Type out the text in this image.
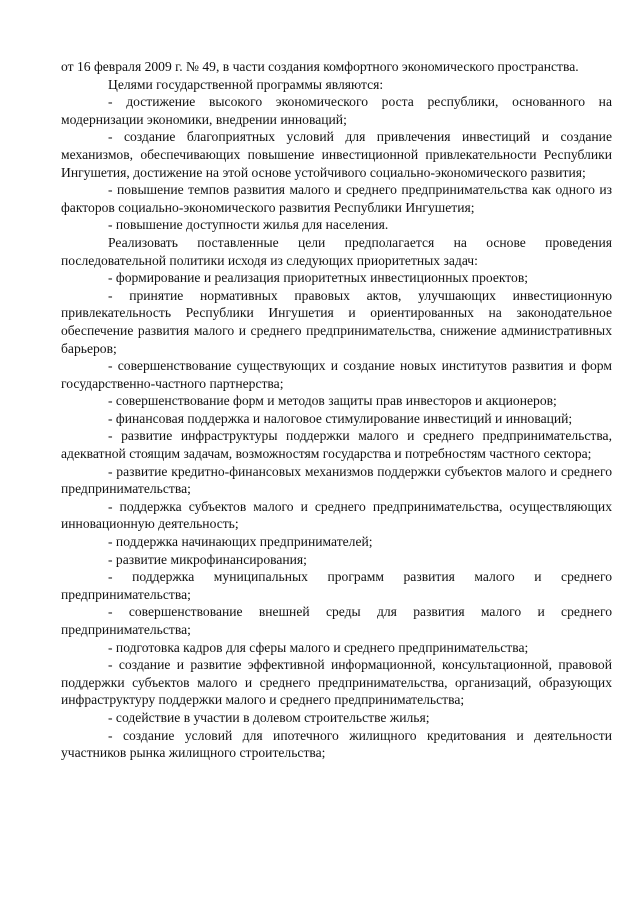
от 16 февраля 2009 г. № 49, в части создания комфортного экономического пространства.

Целями государственной программы являются:

- достижение высокого экономического роста республики, основанного на модернизации экономики, внедрении инноваций;

- создание благоприятных условий для привлечения инвестиций и создание механизмов, обеспечивающих повышение инвестиционной привлекательности Республики Ингушетия, достижение на этой основе устойчивого социально-экономического развития;

- повышение темпов развития малого и среднего предпринимательства как одного из факторов социально-экономического развития Республики Ингушетия;

- повышение доступности жилья для населения.

Реализовать поставленные цели предполагается на основе проведения последовательной политики исходя из следующих приоритетных задач:

- формирование и реализация приоритетных инвестиционных проектов;

- принятие нормативных правовых актов, улучшающих инвестиционную привлекательность Республики Ингушетия и ориентированных на законодательное обеспечение развития малого и среднего предпринимательства, снижение административных барьеров;

- совершенствование существующих и создание новых институтов развития и форм государственно-частного партнерства;

- совершенствование форм и методов защиты прав инвесторов и акционеров;

- финансовая поддержка и налоговое стимулирование инвестиций и инноваций;

- развитие инфраструктуры поддержки малого и среднего предпринимательства, адекватной стоящим задачам, возможностям государства и потребностям частного сектора;

- развитие кредитно-финансовых механизмов поддержки субъектов малого и среднего предпринимательства;

- поддержка субъектов малого и среднего предпринимательства, осуществляющих инновационную деятельность;

- поддержка начинающих предпринимателей;

- развитие микрофинансирования;

- поддержка муниципальных программ развития малого и среднего предпринимательства;

- совершенствование внешней среды для развития малого и среднего предпринимательства;

- подготовка кадров для сферы малого и среднего предпринимательства;

- создание и развитие эффективной информационной, консультационной, правовой поддержки субъектов малого и среднего предпринимательства, организаций, образующих инфраструктуру поддержки малого и среднего предпринимательства;

- содействие в участии в долевом строительстве жилья;

- создание условий для ипотечного жилищного кредитования и деятельности участников рынка жилищного строительства;
